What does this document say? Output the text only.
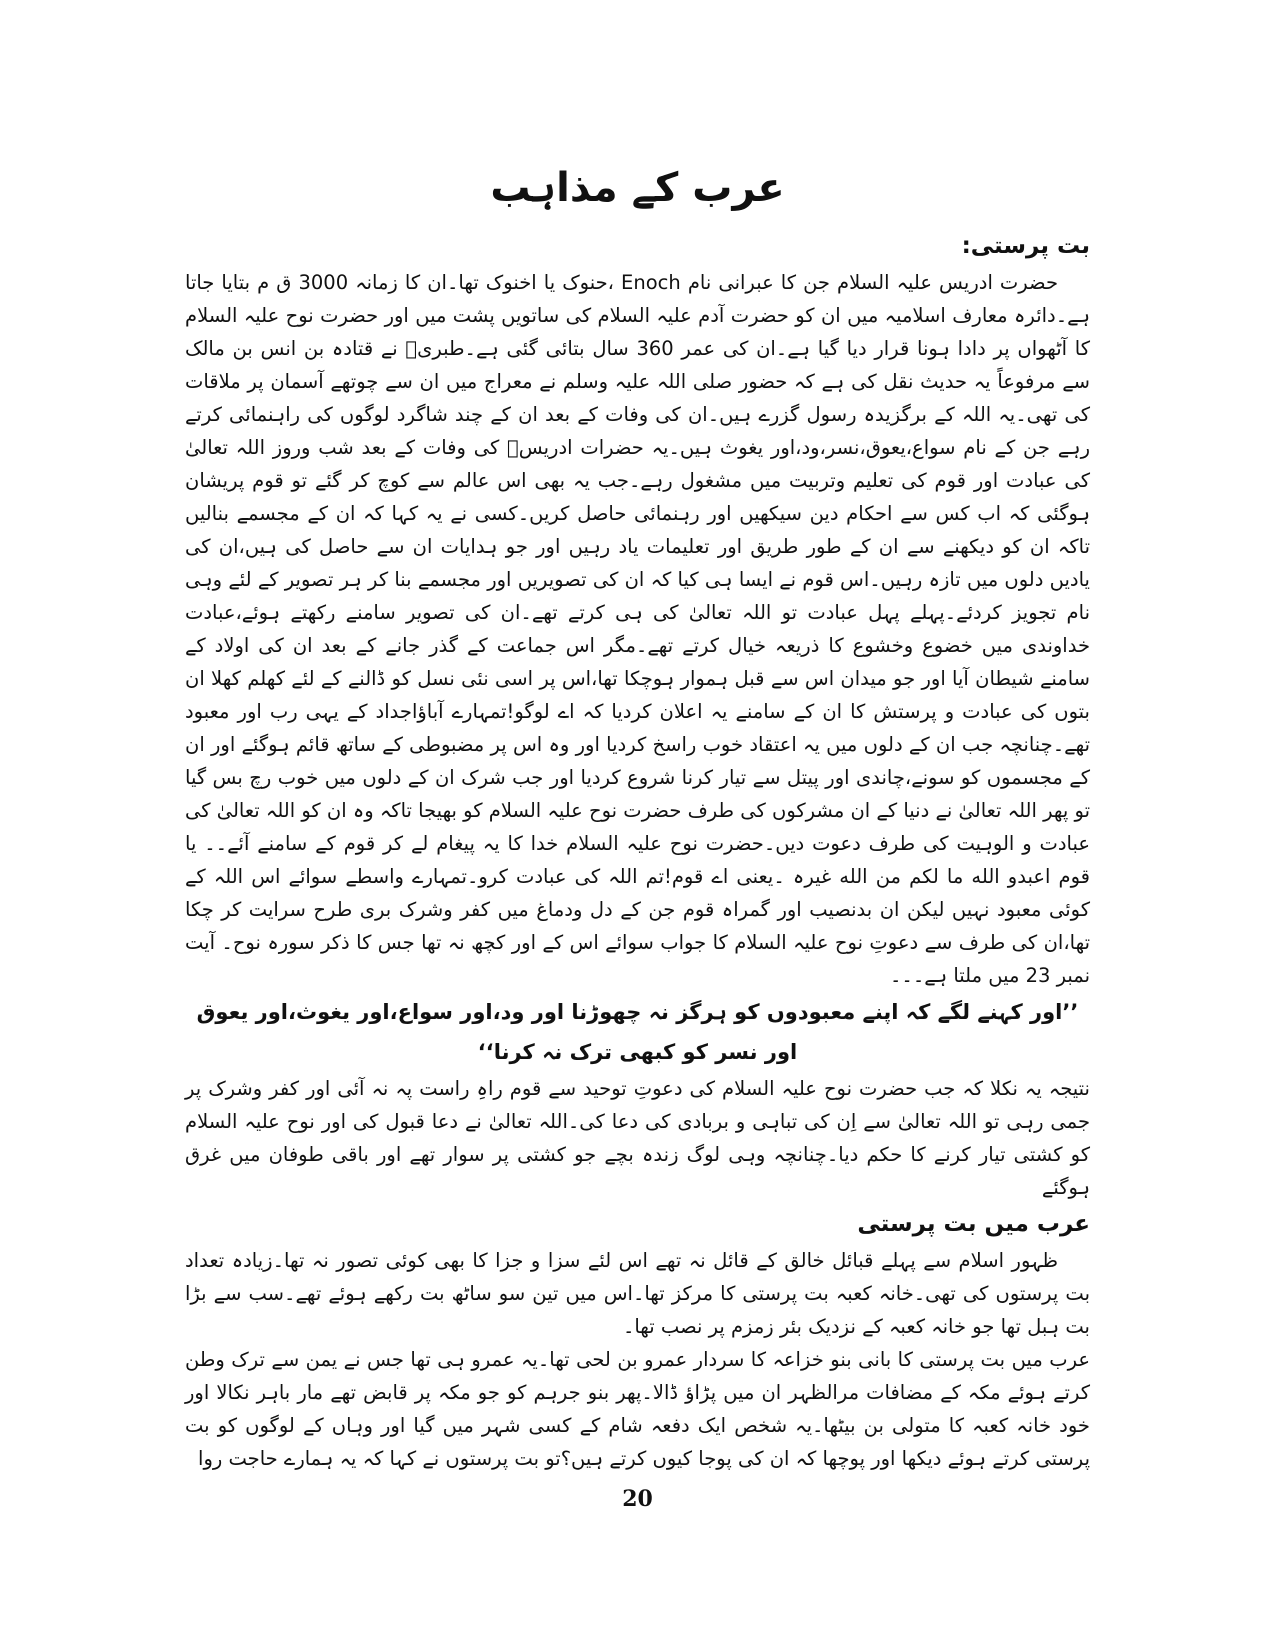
عرب کے مذاہب

بت پرستی:

حضرت ادریس علیہ السلام جن کا عبرانی نام Enoch ،حنوک یا اخنوک تھا۔ان کا زمانہ 3000 ق م بتایا جاتا ہے۔دائرہ معارف اسلامیہ میں ان کو حضرت آدم علیہ السلام کی ساتویں پشت میں اور حضرت نوح علیہ السلام کا آٹھواں پر دادا ہونا قرار دیا گیا ہے۔ان کی عمر 360 سال بتائی گئی ہے۔طبریؒ نے قتادہ بن انس بن مالک سے مرفوعاً یہ حدیث نقل کی ہے کہ حضور صلی اللہ علیہ وسلم نے معراج میں ان سے چوتھے آسمان پر ملاقات کی تھی۔یہ اللہ کے برگزیدہ رسول گزرے ہیں۔ان کی وفات کے بعد ان کے چند شاگرد لوگوں کی راہنمائی کرتے رہے جن کے نام سواع،یعوق،نسر،ود،اور یغوث ہیں۔یہ حضرات ادریسؑ کی وفات کے بعد شب وروز اللہ تعالیٰ کی عبادت اور قوم کی تعلیم وتربیت میں مشغول رہے۔جب یہ بھی اس عالم سے کوچ کر گئے تو قوم پریشان ہوگئی کہ اب کس سے احکام دین سیکھیں اور رہنمائی حاصل کریں۔کسی نے یہ کہا کہ ان کے مجسمے بنالیں تاکہ ان کو دیکھنے سے ان کے طور طریق اور تعلیمات یاد رہیں اور جو ہدایات ان سے حاصل کی ہیں،ان کی یادیں دلوں میں تازہ رہیں۔اس قوم نے ایسا ہی کیا کہ ان کی تصویریں اور مجسمے بنا کر ہر تصویر کے لئے وہی نام تجویز کردئے۔پہلے پہل عبادت تو اللہ تعالیٰ کی ہی کرتے تھے۔ان کی تصویر سامنے رکھتے ہوئے،عبادت خداوندی میں خضوع وخشوع کا ذریعہ خیال کرتے تھے۔مگر اس جماعت کے گذر جانے کے بعد ان کی اولاد کے سامنے شیطان آیا اور جو میدان اس سے قبل ہموار ہوچکا تھا،اس پر اسی نئی نسل کو ڈالنے کے لئے کھلم کھلا ان بتوں کی عبادت و پرستش کا ان کے سامنے یہ اعلان کردیا کہ اے لوگو!تمہارے آباؤاجداد کے یہی رب اور معبود تھے۔چنانچہ جب ان کے دلوں میں یہ اعتقاد خوب راسخ کردیا اور وہ اس پر مضبوطی کے ساتھ قائم ہوگئے اور ان کے مجسموں کو سونے،چاندی اور پیتل سے تیار کرنا شروع کردیا اور جب شرک ان کے دلوں میں خوب رچ بس گیا تو پھر اللہ تعالیٰ نے دنیا کے ان مشرکوں کی طرف حضرت نوح علیہ السلام کو بھیجا تاکہ وہ ان کو اللہ تعالیٰ کی عبادت و الوہیت کی طرف دعوت دیں۔حضرت نوح علیہ السلام خدا کا یہ پیغام لے کر قوم کے سامنے آئے۔۔ یا قوم اعبدو الله ما لکم من الله غیرہ ۔یعنی اے قوم!تم اللہ کی عبادت کرو۔تمہارے واسطے سوائے اس اللہ کے کوئی معبود نہیں لیکن ان بدنصیب اور گمراہ قوم جن کے دل ودماغ میں کفر وشرک بری طرح سرایت کر چکا تھا،ان کی طرف سے دعوتِ نوح علیہ السلام کا جواب سوائے اس کے اور کچھ نہ تھا جس کا ذکر سورہ نوح۔ آیت نمبر 23 میں ملتا ہے۔۔۔

’’اور کہنے لگے کہ اپنے معبودوں کو ہرگز نہ چھوڑنا اور ود،اور سواع،اور یغوث،اور یعوق اور نسر کو کبھی ترک نہ کرنا‘‘

نتیجہ یہ نکلا کہ جب حضرت نوح علیہ السلام کی دعوتِ توحید سے قوم راہِ راست پہ نہ آئی اور کفر وشرک پر جمی رہی تو اللہ تعالیٰ سے اِن کی تباہی و بربادی کی دعا کی۔اللہ تعالیٰ نے دعا قبول کی اور نوح علیہ السلام کو کشتی تیار کرنے کا حکم دیا۔چنانچہ وہی لوگ زندہ بچے جو کشتی پر سوار تھے اور باقی طوفان میں غرق ہوگئے

عرب میں بت پرستی

ظہور اسلام سے پہلے قبائل خالق کے قائل نہ تھے اس لئے سزا و جزا کا بھی کوئی تصور نہ تھا۔زیادہ تعداد بت پرستوں کی تھی۔خانہ کعبہ بت پرستی کا مرکز تھا۔اس میں تین سو ساٹھ بت رکھے ہوئے تھے۔سب سے بڑا بت ہبل تھا جو خانہ کعبہ کے نزدیک بئر زمزم پر نصب تھا۔

عرب میں بت پرستی کا بانی بنو خزاعہ کا سردار عمرو بن لحی تھا۔یہ عمرو ہی تھا جس نے یمن سے ترک وطن کرتے ہوئے مکہ کے مضافات مرالظہر ان میں پڑاؤ ڈالا۔پھر بنو جرہم کو جو مکہ پر قابض تھے مار باہر نکالا اور خود خانہ کعبہ کا متولی بن بیٹھا۔یہ شخص ایک دفعہ شام کے کسی شہر میں گیا اور وہاں کے لوگوں کو بت پرستی کرتے ہوئے دیکھا اور پوچھا کہ ان کی پوجا کیوں کرتے ہیں؟تو بت پرستوں نے کہا کہ یہ ہمارے حاجت روا

20
